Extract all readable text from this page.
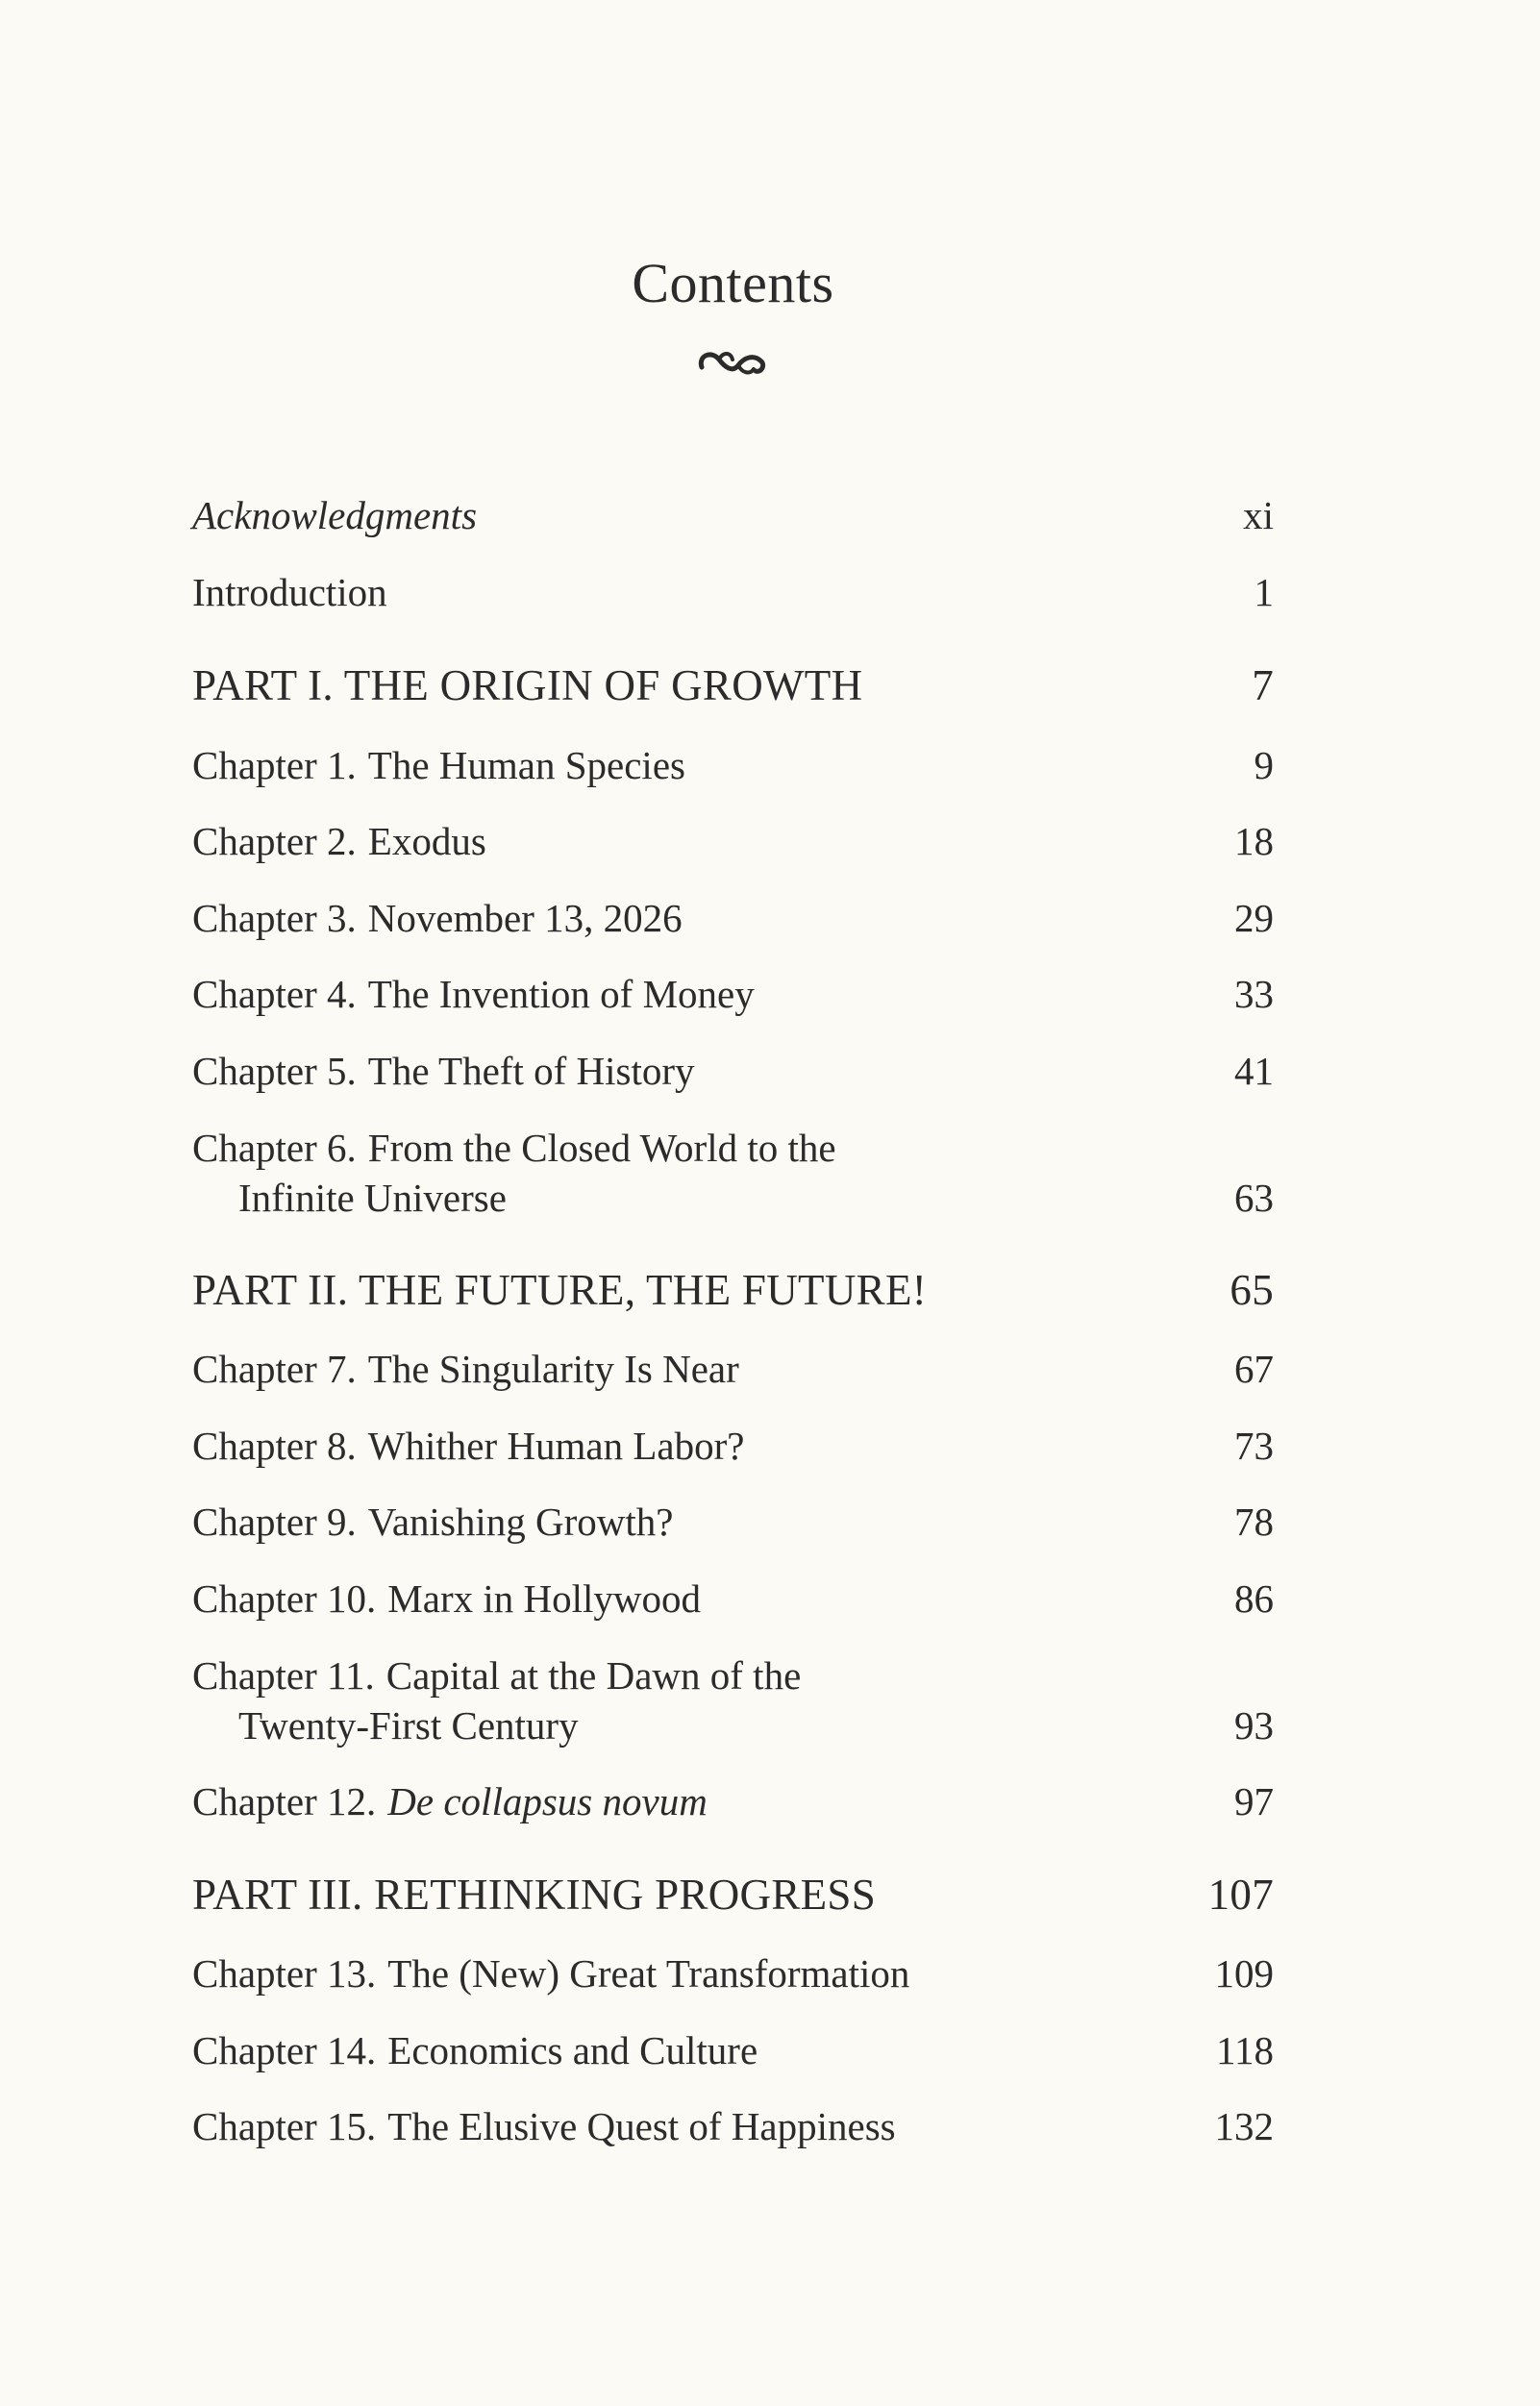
Contents
Acknowledgments	xi
Introduction	1
PART I. THE ORIGIN OF GROWTH	7
Chapter 1. The Human Species	9
Chapter 2. Exodus	18
Chapter 3. November 13, 2026	29
Chapter 4. The Invention of Money	33
Chapter 5. The Theft of History	41
Chapter 6. From the Closed World to the
Infinite Universe	63
PART II. THE FUTURE, THE FUTURE!	65
Chapter 7. The Singularity Is Near	67
Chapter 8. Whither Human Labor?	73
Chapter 9. Vanishing Growth?	78
Chapter 10. Marx in Hollywood	86
Chapter 11. Capital at the Dawn of the
Twenty-First Century	93
Chapter 12. De collapsus novum	97
PART III. RETHINKING PROGRESS	107
Chapter 13. The (New) Great Transformation	109
Chapter 14. Economics and Culture	118
Chapter 15. The Elusive Quest of Happiness	132
